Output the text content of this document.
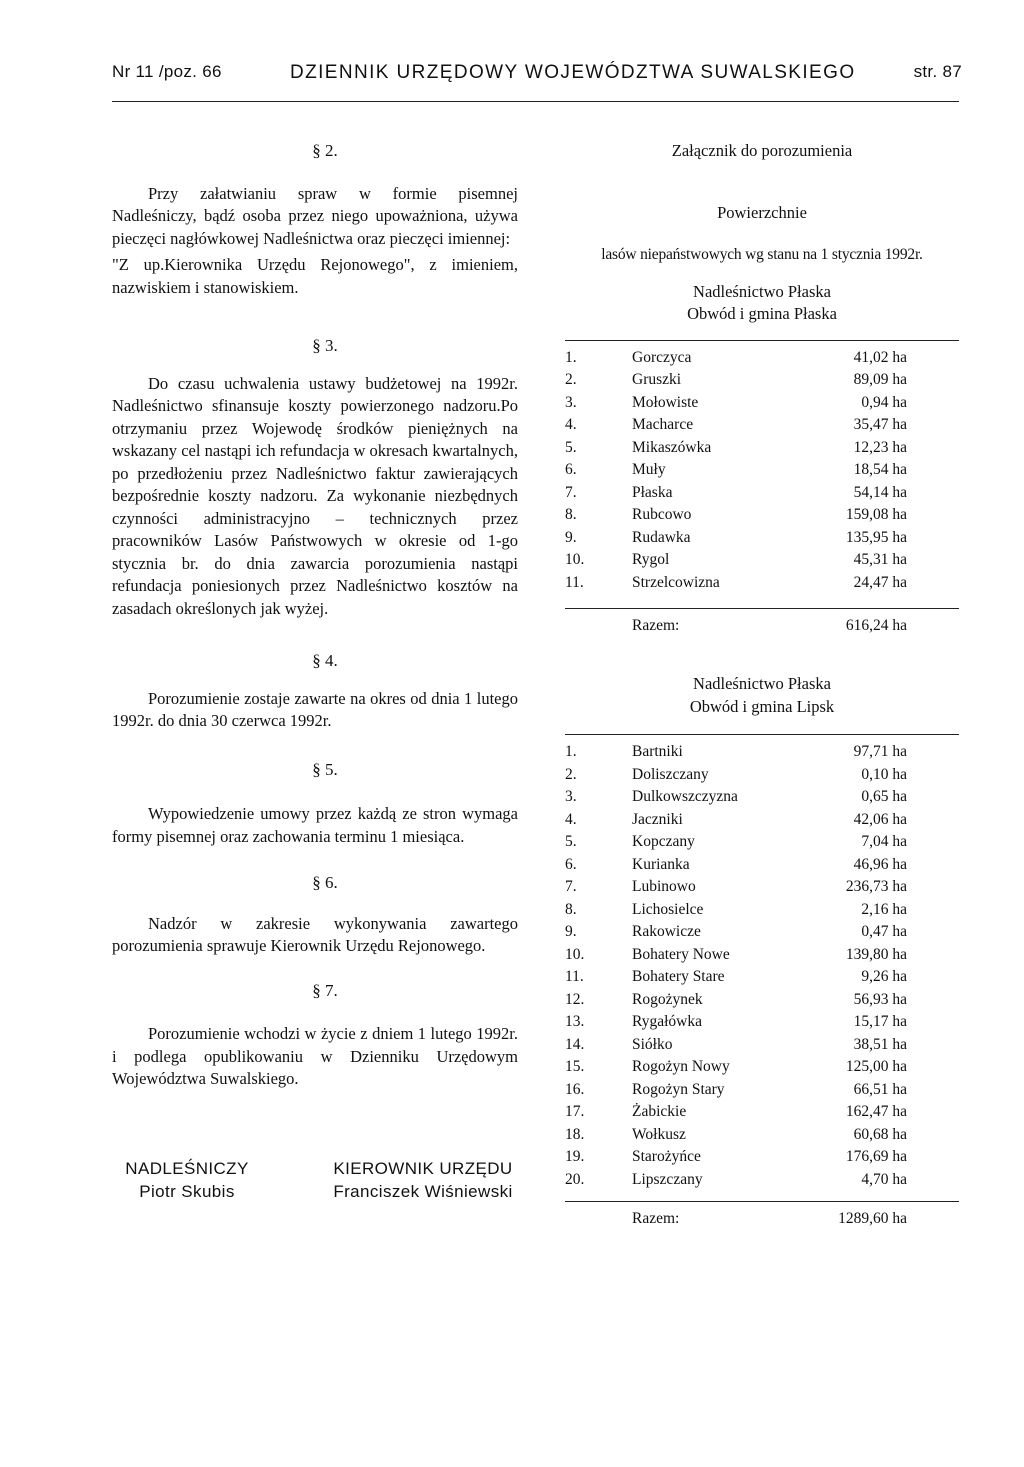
Nr 11 /poz. 66	DZIENNIK URZĘDOWY WOJEWÓDZTWA SUWALSKIEGO	str. 87

§ 2.

Przy załatwianiu spraw w formie pisemnej Nadleśniczy, bądź osoba przez niego upoważniona, używa pieczęci nagłówkowej Nadleśnictwa oraz pieczęci imiennej:

"Z up.Kierownika Urzędu Rejonowego", z imieniem, nazwiskiem i stanowiskiem.

§ 3.

Do czasu uchwalenia ustawy budżetowej na 1992r. Nadleśnictwo sfinansuje koszty powierzonego nadzoru.Po otrzymaniu przez Wojewodę środków pieniężnych na wskazany cel nastąpi ich refundacja w okresach kwartalnych, po przedłożeniu przez Nadleśnictwo faktur zawierających bezpośrednie koszty nadzoru. Za wykonanie niezbędnych czynności administracyjno – technicznych przez pracowników Lasów Państwowych w okresie od 1-go stycznia br. do dnia zawarcia porozumienia nastąpi refundacja poniesionych przez Nadleśnictwo kosztów na zasadach określonych jak wyżej.

§ 4.

Porozumienie zostaje zawarte na okres od dnia 1 lutego 1992r. do dnia 30 czerwca 1992r.

§ 5.

Wypowiedzenie umowy przez każdą ze stron wymaga formy pisemnej oraz zachowania terminu 1 miesiąca.

§ 6.

Nadzór w zakresie wykonywania zawartego porozumienia sprawuje Kierownik Urzędu Rejonowego.

§ 7.

Porozumienie wchodzi w życie z dniem 1 lutego 1992r. i podlega opublikowaniu w Dzienniku Urzędowym Województwa Suwalskiego.

Załącznik do porozumienia

Powierzchnie

lasów niepaństwowych wg stanu na 1 stycznia 1992r.

Nadleśnictwo Płaska

Obwód i gmina Płaska

1.	Gorczyca	41,02 ha
2.	Gruszki	89,09 ha
3.	Mołowiste	0,94 ha
4.	Macharce	35,47 ha
5.	Mikaszówka	12,23 ha
6.	Muły	18,54 ha
7.	Płaska	54,14 ha
8.	Rubcowo	159,08 ha
9.	Rudawka	135,95 ha
10.	Rygol	45,31 ha
11.	Strzelcowizna	24,47 ha
	Razem:	616,24 ha

Nadleśnictwo Płaska

Obwód i gmina Lipsk

1.	Bartniki	97,71 ha
2.	Doliszczany	0,10 ha
3.	Dulkowszczyzna	0,65 ha
4.	Jaczniki	42,06 ha
5.	Kopczany	7,04 ha
6.	Kurianka	46,96 ha
7.	Lubinowo	236,73 ha
8.	Lichosielce	2,16 ha
9.	Rakowicze	0,47 ha
10.	Bohatery Nowe	139,80 ha
11.	Bohatery Stare	9,26 ha
12.	Rogożynek	56,93 ha
13.	Rygałówka	15,17 ha
14.	Siółko	38,51 ha
15.	Rogożyn Nowy	125,00 ha
16.	Rogożyn Stary	66,51 ha
17.	Żabickie	162,47 ha
18.	Wołkusz	60,68 ha
19.	Starożyńce	176,69 ha
20.	Lipszczany	4,70 ha
	Razem:	1289,60 ha
NADLEŚNICZY
Piotr Skubis
KIEROWNIK URZĘDU
Franciszek Wiśniewski
